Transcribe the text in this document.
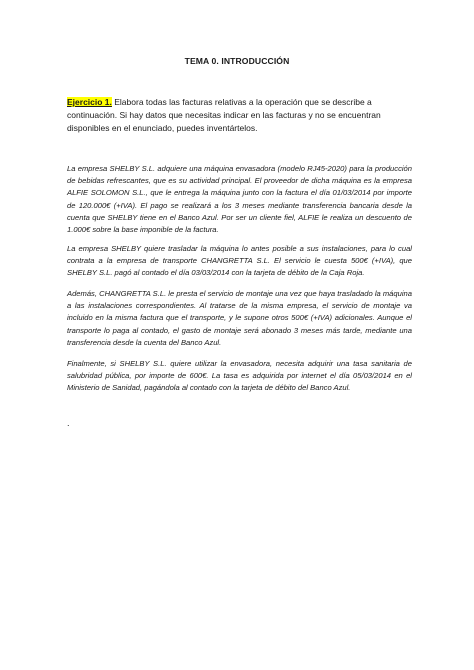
TEMA 0. INTRODUCCIÓN
Ejercicio 1. Elabora todas las facturas relativas a la operación que se describe a continuación. Si hay datos que necesitas indicar en las facturas y no se encuentran disponibles en el enunciado, puedes inventártelos.

La empresa SHELBY S.L. adquiere una máquina envasadora (modelo RJ45-2020) para la producción de bebidas refrescantes, que es su actividad principal. El proveedor de dicha máquina es la empresa ALFIE SOLOMON S.L., que le entrega la máquina junto con la factura el día 01/03/2014 por importe de 120.000€ (+IVA). El pago se realizará a los 3 meses mediante transferencia bancaria desde la cuenta que SHELBY tiene en el Banco Azul. Por ser un cliente fiel, ALFIE le realiza un descuento de 1.000€ sobre la base imponible de la factura.

La empresa SHELBY quiere trasladar la máquina lo antes posible a sus instalaciones, para lo cual contrata a la empresa de transporte CHANGRETTA S.L. El servicio le cuesta 500€ (+IVA), que SHELBY S.L. pagó al contado el día 03/03/2014 con la tarjeta de débito de la Caja Roja.

Además, CHANGRETTA S.L. le presta el servicio de montaje una vez que haya trasladado la máquina a las instalaciones correspondientes. Al tratarse de la misma empresa, el servicio de montaje va incluido en la misma factura que el transporte, y le supone otros 500€ (+IVA) adicionales. Aunque el transporte lo paga al contado, el gasto de montaje será abonado 3 meses más tarde, mediante una transferencia desde la cuenta del Banco Azul.

Finalmente, si SHELBY S.L. quiere utilizar la envasadora, necesita adquirir una tasa sanitaria de salubridad pública, por importe de 600€. La tasa es adquirida por internet el día 05/03/2014 en el Ministerio de Sanidad, pagándola al contado con la tarjeta de débito del Banco Azul.

.
